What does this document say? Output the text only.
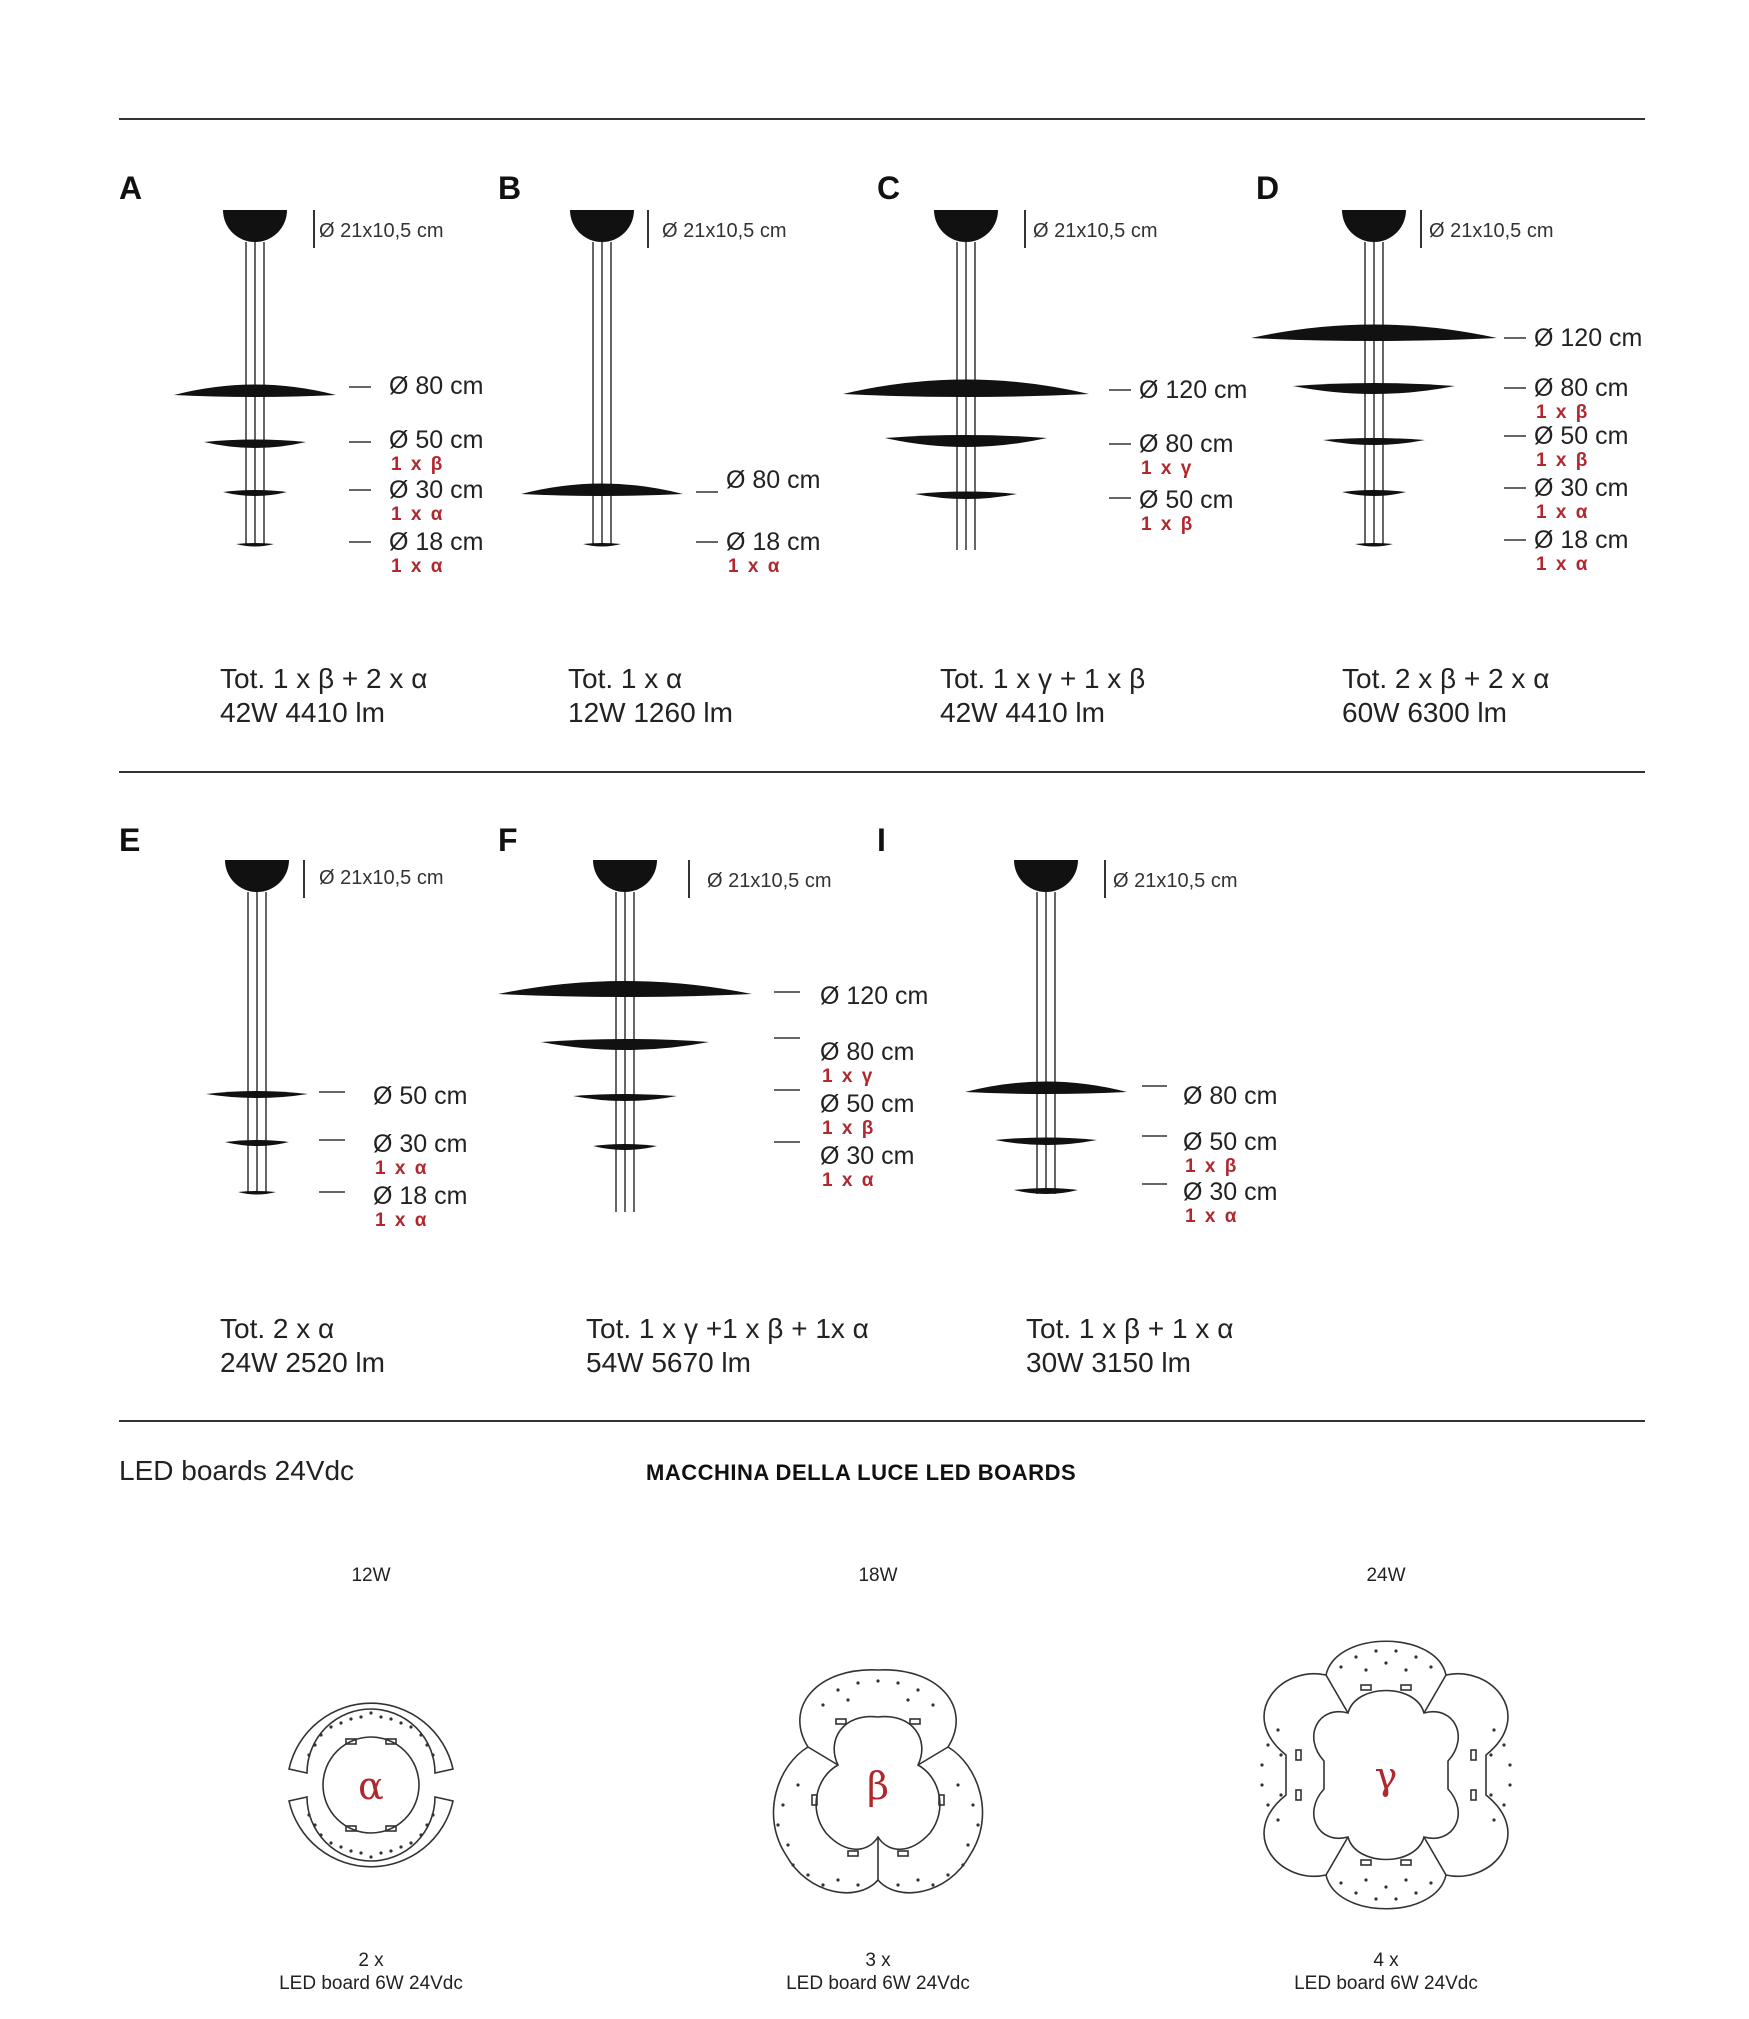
A
Ø 21x10,5 cm
Ø 80 cm
Ø 50 cm
1 x β
Ø 30 cm
1 x α
Ø 18 cm
1 x α
Tot. 1 x β + 2 x α
42W 4410 lm
B
Ø 21x10,5 cm
Ø 80 cm
Ø 18 cm
1 x α
Tot. 1 x α
12W 1260 lm
C
Ø 21x10,5 cm
Ø 120 cm
Ø 80 cm
1 x γ
Ø 50 cm
1 x β
Tot. 1 x γ + 1 x β
42W 4410 lm
D
Ø 21x10,5 cm
Ø 120 cm
Ø 80 cm
1 x β
Ø 50 cm
1 x β
Ø 30 cm
1 x α
Ø 18 cm
1 x α
Tot. 2 x β + 2 x α
60W 6300 lm
E
Ø 21x10,5 cm
Ø 50 cm
Ø 30 cm
1 x α
Ø 18 cm
1 x α
Tot. 2 x α
24W 2520 lm
F
Ø 21x10,5 cm
Ø 120 cm
Ø 80 cm
1 x γ
Ø 50 cm
1 x β
Ø 30 cm
1 x α
Tot. 1 x γ +1 x β + 1x α
54W 5670 lm
I
Ø 21x10,5 cm
Ø 80 cm
Ø 50 cm
1 x β
Ø 30 cm
1 x α
Tot. 1 x β + 1 x α
30W 3150 lm
LED boards 24Vdc	MACCHINA DELLA LUCE LED BOARDS
12W
α
2 x
LED board 6W 24Vdc
18W
β
3 x
LED board 6W 24Vdc
24W
γ
4 x
LED board 6W 24Vdc
